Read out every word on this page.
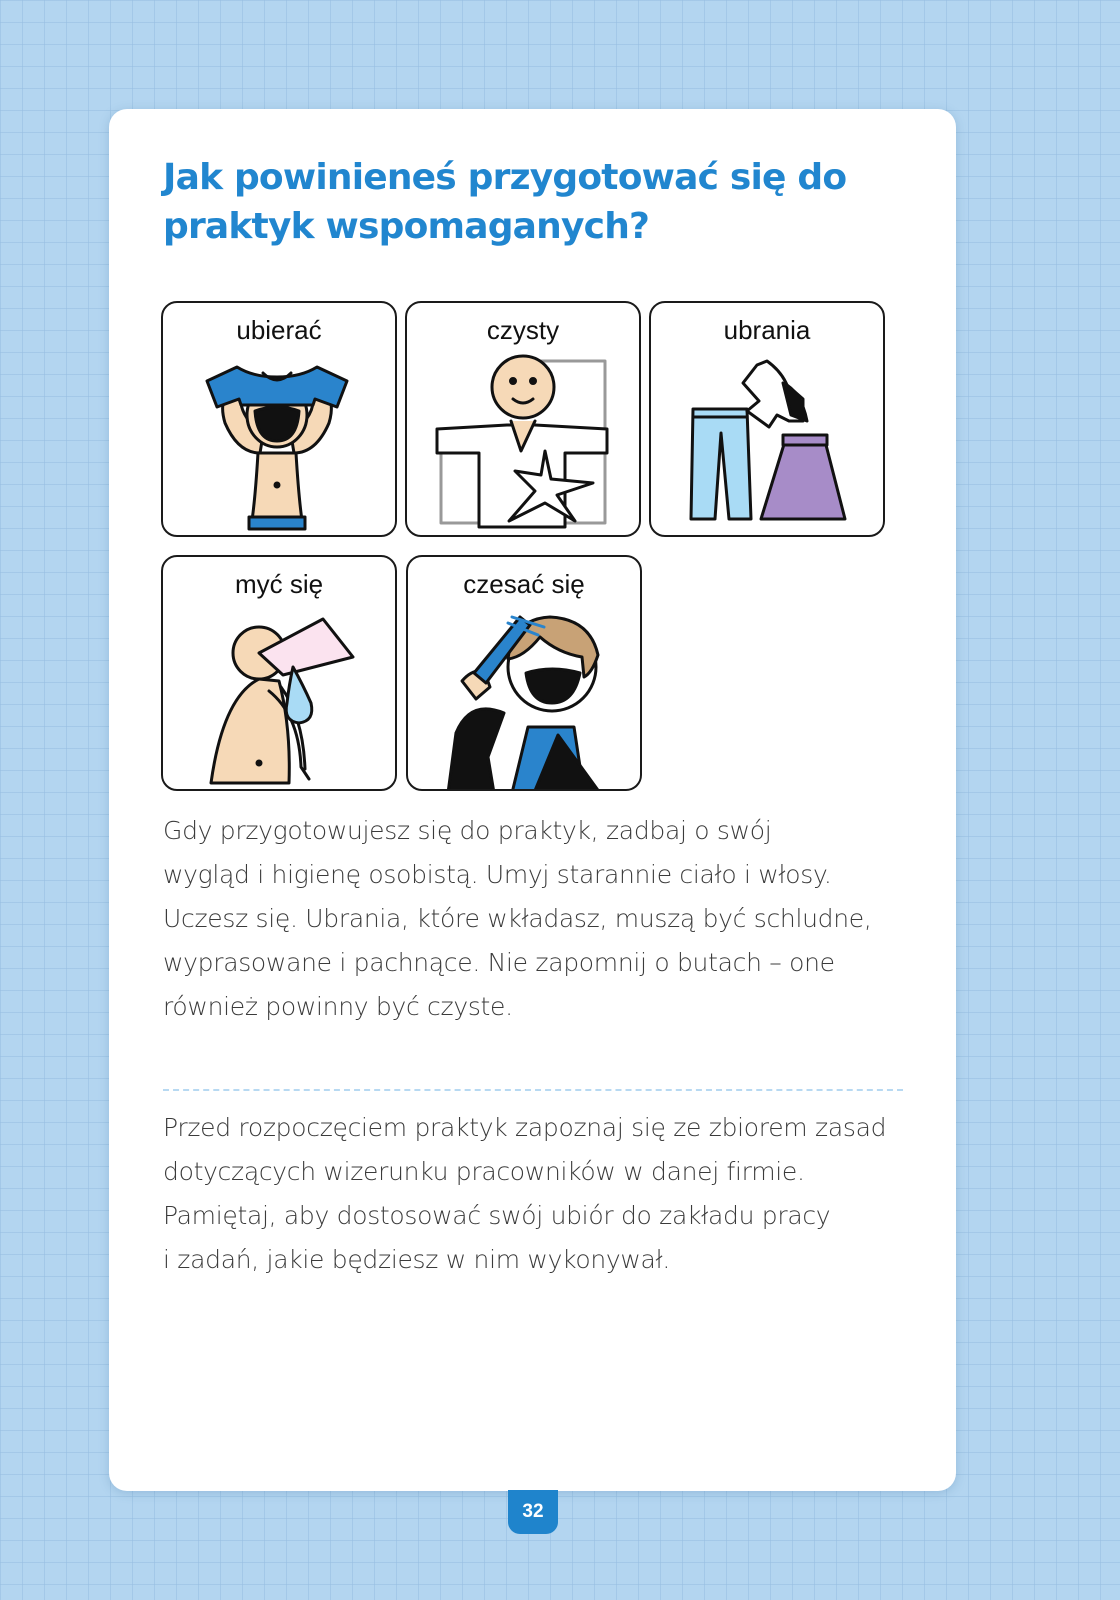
Jak powinieneś przygotować się do praktyk wspomaganych?
ubierać	czysty	ubrania
myć się	czesać się

Gdy przygotowujesz się do praktyk, zadbaj o swój
wygląd i higienę osobistą. Umyj starannie ciało i włosy.
Uczesz się. Ubrania, które wkładasz, muszą być schludne,
wyprasowane i pachnące. Nie zapomnij o butach – one
również powinny być czyste.

Przed rozpoczęciem praktyk zapoznaj się ze zbiorem zasad
dotyczących wizerunku pracowników w danej firmie.
Pamiętaj, aby dostosować swój ubiór do zakładu pracy
i zadań, jakie będziesz w nim wykonywał.

32
